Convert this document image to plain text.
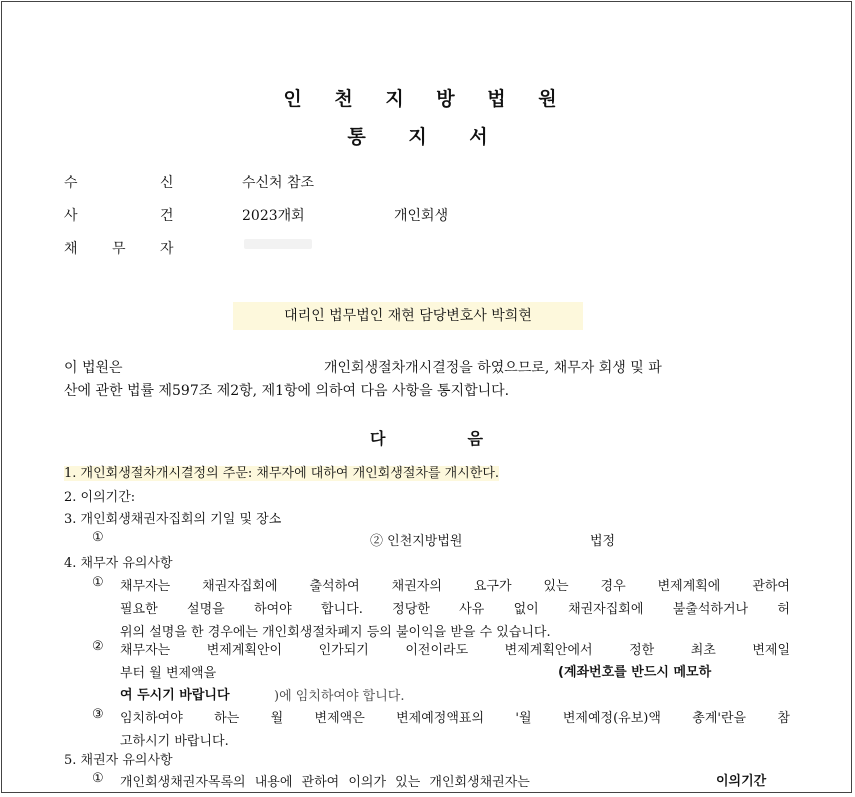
인 천 지 방 법 원
통 지 서
수	신	수신처 참조
사	건	2023개회	개인회생
채 무 자
대리인 법무법인 재현 담당변호사 박희현
이 법원은	개인회생절차개시결정을 하였으므로, 채무자 회생 및 파
산에 관한 법률 제597조 제2항, 제1항에 의하여 다음 사항을 통지합니다.
다	음
1. 개인회생절차개시결정의 주문: 채무자에 대하여 개인회생절차를 개시한다.
2. 이의기간:
3. 개인회생채권자집회의 기일 및 장소
①	② 인천지방법원	법정
4. 채무자 유의사항
① 채무자는 채권자집회에 출석하여 채권자의 요구가 있는 경우 변제계획에 관하여
필요한 설명을 하여야 합니다. 정당한 사유 없이 채권자집회에 불출석하거나 허
위의 설명을 한 경우에는 개인회생절차폐지 등의 불이익을 받을 수 있습니다.
② 채무자는 변제계획안이 인가되기 이전이라도 변제계획안에서 정한 최초 변제일
부터 월 변제액을	(계좌번호를 반드시 메모하
여 두시기 바랍니다	)에 임치하여야 합니다.
③ 임치하여야 하는 월 변제액은 변제예정액표의 '월 변제예정(유보)액 총계'란을 참
고하시기 바랍니다.
5. 채권자 유의사항
① 개인회생채권자목록의 내용에 관하여 이의가 있는 개인회생채권자는	이의기간
